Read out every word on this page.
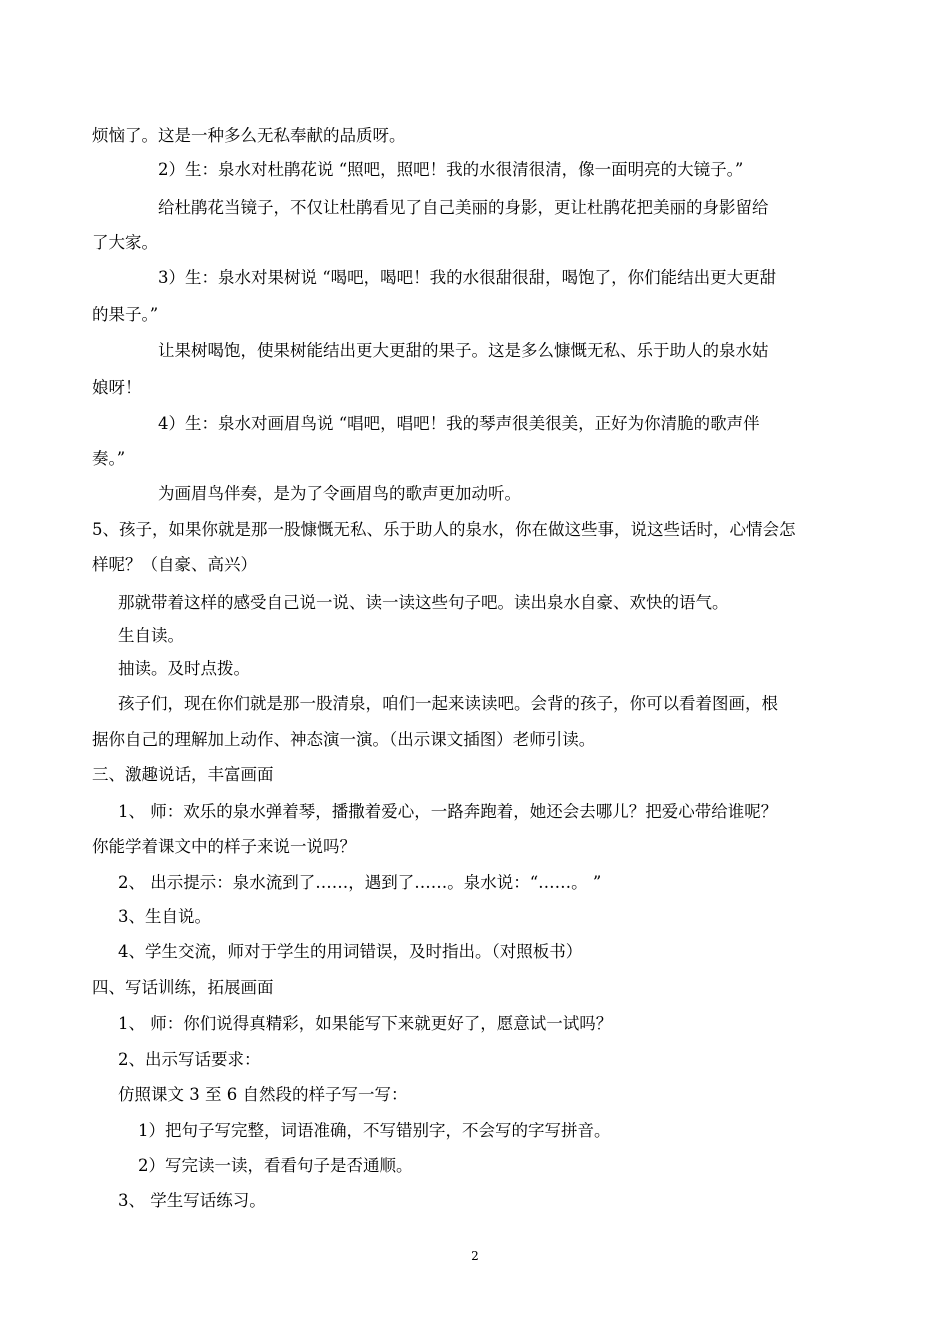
烦恼了。这是一种多么无私奉献的品质呀。
2）生：泉水对杜鹃花说 “照吧，照吧！我的水很清很清，像一面明亮的大镜子。”
给杜鹃花当镜子，不仅让杜鹃看见了自己美丽的身影，更让杜鹃花把美丽的身影留给
了大家。
3）生：泉水对果树说 “喝吧，喝吧！我的水很甜很甜，喝饱了，你们能结出更大更甜
的果子。”
让果树喝饱，使果树能结出更大更甜的果子。这是多么慷慨无私、乐于助人的泉水姑
娘呀！
4）生：泉水对画眉鸟说 “唱吧，唱吧！我的琴声很美很美，正好为你清脆的歌声伴
奏。”
为画眉鸟伴奏，是为了令画眉鸟的歌声更加动听。
5、孩子，如果你就是那一股慷慨无私、乐于助人的泉水，你在做这些事，说这些话时，心情会怎
样呢？（自豪、高兴）
那就带着这样的感受自己说一说、读一读这些句子吧。读出泉水自豪、欢快的语气。
生自读。
抽读。及时点拨。
孩子们，现在你们就是那一股清泉，咱们一起来读读吧。会背的孩子，你可以看着图画，根
据你自己的理解加上动作、神态演一演。（出示课文插图）老师引读。
三、激趣说话，丰富画面
1、 师：欢乐的泉水弹着琴，播撒着爱心，一路奔跑着，她还会去哪儿？把爱心带给谁呢？
你能学着课文中的样子来说一说吗？
2、 出示提示：泉水流到了……，遇到了……。泉水说：“……。 ”
3、生自说。
4、学生交流，师对于学生的用词错误，及时指出。（对照板书）
四、写话训练，拓展画面
1、 师：你们说得真精彩，如果能写下来就更好了，愿意试一试吗？
2、出示写话要求：
仿照课文 3 至 6 自然段的样子写一写：
1）把句子写完整，词语准确，不写错别字，不会写的字写拼音。
2）写完读一读，看看句子是否通顺。
3、 学生写话练习。
2
